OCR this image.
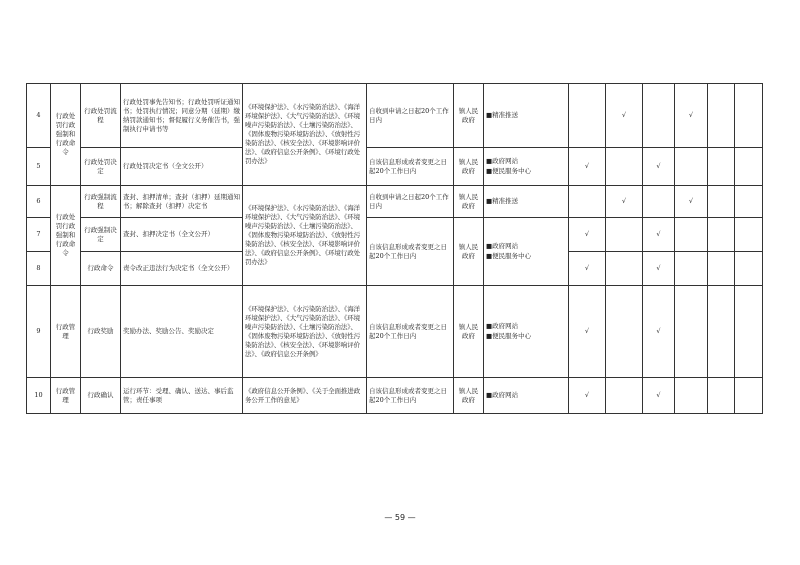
4	行政处罚行政强制和行政命令	行政处罚流程	行政处罚事先告知书；行政处罚听证通知书；处罚执行情况；同意分期（延期）缴纳罚款通知书；督促履行义务催告书，强制执行申请书等	《环境保护法》、《水污染防治法》、《海洋环境保护法》、《大气污染防治法》、《环境噪声污染防治法》、《土壤污染防治法》、《固体废物污染环境防治法》、《放射性污染防治法》、《核安全法》、《环境影响评价法》、《政府信息公开条例》、《环境行政处罚办法》	自收到申请之日起20个工作日内	镇人民政府	■精准推送		√		√		
5		行政处罚决定	行政处罚决定书（全文公开）		自该信息形成或者变更之日起20个工作日内	镇人民政府	■政府网站
■便民服务中心	√		√			
6	行政处罚行政强制和行政命令	行政强制流程	查封、扣押清单；查封（扣押）延期通知书；解除查封（扣押）决定书	《环境保护法》、《水污染防治法》、《海洋环境保护法》、《大气污染防治法》、《环境噪声污染防治法》、《土壤污染防治法》、《固体废物污染环境防治法》、《放射性污染防治法》、《核安全法》、《环境影响评价法》、《政府信息公开条例》、《环境行政处罚办法》	自收到申请之日起20个工作日内	镇人民政府	■精准推送		√		√		
7		行政强制决定	查封、扣押决定书（全文公开）		自该信息形成或者变更之日起20个工作日内	镇人民政府	■政府网站
■便民服务中心	√		√			
8		行政命令	责令改正违法行为决定书（全文公开）					√		√			
9	行政管理	行政奖励	奖励办法、奖励公告、奖励决定	《环境保护法》、《水污染防治法》、《海洋环境保护法》、《大气污染防治法》、《环境噪声污染防治法》、《土壤污染防治法》、《固体废物污染环境防治法》、《放射性污染防治法》、《核安全法》、《环境影响评价法》、《政府信息公开条例》	自该信息形成或者变更之日起20个工作日内	镇人民政府	■政府网站
■便民服务中心	√		√			
10	行政管理	行政确认	运行环节：受理、确认、送达、事后监管；责任事项	《政府信息公开条例》、《关于全面推进政务公开工作的意见》	自该信息形成或者变更之日起20个工作日内	镇人民政府	■政府网站	√		√			
— 59 —
